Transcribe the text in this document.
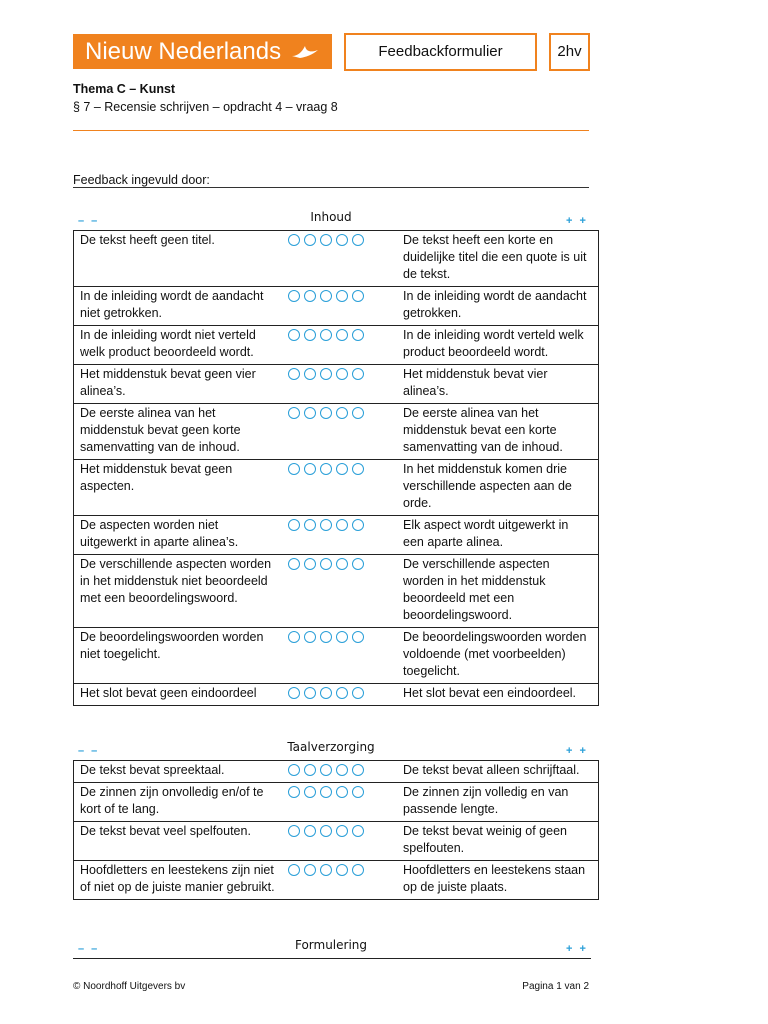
Nieuw Nederlands	Feedbackformulier	2hv
Thema C – Kunst
§ 7 – Recensie schrijven – opdracht 4 – vraag 8
Feedback ingevuld door:
– –	Inhoud	+ +
De tekst heeft geen titel.		De tekst heeft een korte en duidelijke titel die een quote is uit de tekst.
In de inleiding wordt de aandacht niet getrokken.		In de inleiding wordt de aandacht getrokken.
In de inleiding wordt niet verteld welk product beoordeeld wordt.		In de inleiding wordt verteld welk product beoordeeld wordt.
Het middenstuk bevat geen vier alinea’s.		Het middenstuk bevat vier alinea’s.
De eerste alinea van het middenstuk bevat geen korte samenvatting van de inhoud.		De eerste alinea van het middenstuk bevat een korte samenvatting van de inhoud.
Het middenstuk bevat geen aspecten.		In het middenstuk komen drie verschillende aspecten aan de orde.
De aspecten worden niet uitgewerkt in aparte alinea’s.		Elk aspect wordt uitgewerkt in een aparte alinea.
De verschillende aspecten worden in het middenstuk niet beoordeeld met een beoordelingswoord.		De verschillende aspecten worden in het middenstuk beoordeeld met een beoordelingswoord.
De beoordelingswoorden worden niet toegelicht.		De beoordelingswoorden worden voldoende (met voorbeelden) toegelicht.
Het slot bevat geen eindoordeel		Het slot bevat een eindoordeel.
– –	Taalverzorging	+ +
De tekst bevat spreektaal.		De tekst bevat alleen schrijftaal.
De zinnen zijn onvolledig en/of te kort of te lang.		De zinnen zijn volledig en van passende lengte.
De tekst bevat veel spelfouten.		De tekst bevat weinig of geen spelfouten.
Hoofdletters en leestekens zijn niet of niet op de juiste manier gebruikt.		Hoofdletters en leestekens staan op de juiste plaats.
– –	Formulering	+ +
© Noordhoff Uitgevers bv	Pagina 1 van 2
